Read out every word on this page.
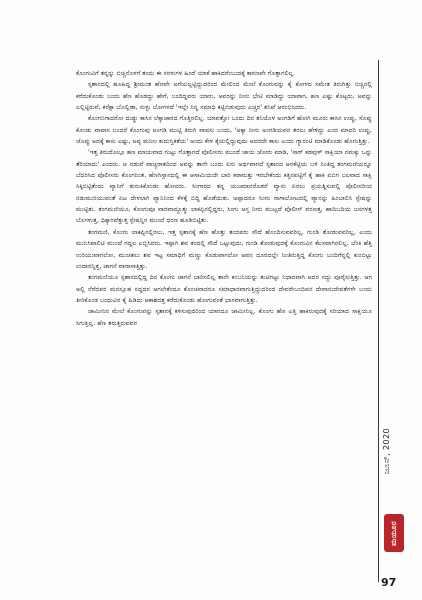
ಕೊಂಗುವಿಗೆ ತನ್ನನ್ನು ಬಿಚ್ಚನೊಳಗೆ ತಂದು ಈ ಸರಳುಗಳ ಹಿಂದೆ ಯಾಕೆ ಹಾಕಿದರೆಂಬುದಕ್ಕೆ ಕಾರಣವೇ ಗೊತ್ತಾಗಲಿಲ್ಲ.

ಸ್ಪಶಾನದಲ್ಲಿ ಹೂಹಿದ್ದ ಶ್ರೀಮಂತ ಹೆಣವೇ ಅಗೆಯಲ್ಪಟ್ಟಿದ್ದುದರಿಂದ ಮೇಲಿಂದ ಮೇಲೆ ಕೊಂಗುವನ್ನು ಕೈ ಕೋಳದ ಸಮೇತ ತಿರುಗಿತ್ತು ಬಿಚ್ಚಿನಲ್ಲಿ ಕರೆದುಕೊಂಡು ಬಂದು ಹೆಣ ಹೊಡದ್ದು ಹೇಗೆ, ಬಂದಿದ್ದವರು ಯಾರು, ಅವರನ್ನು ನೀನು ಭೇಟಿ ಮಾಡಿದ್ದು ಯಾವಾಗ, ಹಣ ಎಷ್ಟು ಕೊಟ್ಟರು, ಅವನ್ನು ಎಲ್ಲಿಟ್ಟಿರುವೆ, ಕರೆಕ್ಟಾ ಬೊಲ್ಲಿಡಾ, ಸುಳ್ಳು ಬೋಗಳದೆ 'ಇಲ್ಲೇ ನಿನ್ನ ಸಮಾಧಿ ಕಟ್ಟಿಬಿಡುವುದು ಎಚ್ಚರ' ತನಿಖೆ ಆರಂಭಿಸಿದರು.

ಕೊಂಗನಿಗಾದರೋ ದುಡ್ಡು ಕಾಸಿನ ಲೆಕ್ಕಾಚಾರದ ಗೊತ್ತಿರಲಿಲ್ಲ. ಯಾವತ್ತೋ ಒಂದು ದಿನ ತನಿಯೊಳ ಅಂಗಡಿಗೆ ಹೋಗಿ ಮೂರು ಕಾಸಿನ ಉಪ್ಪು, ಸೊಪ್ಪು ಕೊಂಡು ವಾಪಾಸ ಬಂದರೆ ಕೊಂಗುವು ಅಂಗಡಿ ಮುಟ್ಟಿ ತಿರುಗಿ ವಾಪಸು ಬಂದು, 'ಅಕ್ಕಾ ನೀನು ಅಂಗಡಿಯವನ ತರಲು ಹೇಳಿದ್ದು ಎಂದ ಮಾದರಿ ಉಪ್ಪು, ಚೊಪ್ಪು ಅದಕ್ಕೆ ಕಾಸು ಎಷ್ಟು, ಅಪ್ಪ ಮನೀಂ ಕುದುಸ್ತಿಕತೆಯ' ಅಂದು ಕೇಳ ಕೈಯಲ್ಲಿದ್ದುವುದು ಅದರದೇ ಕಾಸು ಎಂದು ಗ್ಯಾರಂಟಿ ಮಾಡಿಕೊಂಡು ಹೊಗುತ್ತಿತ್ತು.

'ಇತ್ತ ತಿರುದೊಲ್ಗೂ ಹಣ ಮಾಯವಾದ ಗುಟ್ಟು ಗೊತ್ತಾಗದೆ ಪೊಲೀಸರು ಮುಂದೆ ಜಾಯ ಜೋರು ಮಾಡಿ, 'ಸಾರ್ ಕಡವುಳ್ ಸಾಕ್ಷಿಯಾ ನಮಕ್ಕು ಒನ್ನು ತೆರಿಯಾದು' ಎಂದರು. ಆ ನಡುವೆ ವಾಚ್ಚರಾತದಿಂದ ಅವನ್ನು ತಾನೇ ಬಂದು ಏನು ಅರ್ಥವಾಗದೆ ಸ್ಪಶಾನದ ಆರಕೆಟ್ಟಿಯ ಬಳಿ ನಿಂತಿದ್ದ ತಂಗಮಣಿಯನ್ನೂ ಬೆದರಿಸಿದ ಪೊಲೀಸರು ಕೊಂಗನಿಂತ, ಹೆಣಗಿಸ್ತಾನದಲ್ಲಿ ಈ ಆಸಾಮಿಯದೇ ಬಾರಿ ಕರಾಮತ್ತು ಇರಬೇಕೆಂದು ಕತ್ತಿನಪಟ್ಟಿಗೆ ಕೈ ಹಾಕಿ ಏಬಿಗ ಬಲವಾದ ಸಾಕ್ಷಿ ಸಿಕ್ಕಿಬಿಟ್ಟಿತೆಂದು ವ್ಯಾನಿಗೆ ತುರುಕಿಕೊಂಡು ಹೋದರು. ಸಿಂಗಾರದ ತನ್ನ ಯಜಮಾನರೊಡನೆ ವ್ಯಾನು ಏರಲು ಪ್ರಯತ್ನಿಸುವಲ್ಲಿ ಪೊಲೀಸರಿಂದ ನಡುಮುರಿಯುವಂತೆ ಏಟ ದೇಳಲಾಗಿ ವ್ಯಾನಿನಿಂದ ಕೆಳಕ್ಕೆ ಬಿದ್ದಿ ಹೊಡೆಯಿತು. ಅಪ್ಪಾದರೂ ಸಿಂಗು ನಾಗಾಲೋಟದಲ್ಲಿ ವ್ಯಾನನ್ನು ಹಿಂಬಾಲಿಸಿ ಸ್ಪೇಷನ್ನು ಮುಟ್ಟಿತು. ತಂಗಮಣಿಯೂ, ಕೊಂಗುವೂ ವಾರವಾದ್ದೂತ್ಮು ಲಾಕಪ್ಪಿನಲ್ಲಿದ್ದರು, ಸಿಂಗು ಅಸ್ತ ನೀರು ಮುಟ್ಟದೆ ಪೊಲೀಸ್ ವರಣತ್ತ, ಹಾದಿಬದಿಯ ಜನಗಳತ್ತ ಬೊಗಳುತ್ತ, ಧಿಕ್ಕಾರವೆತ್ತುತ್ತ ಸ್ಪೇಷನ್ನಿನ ಮುಂದೆ ಧರಣ ಹೂಡಿಬಿಟ್ಟಿತು.

ತಂಗಮಣಿ, ಕೊಂಗು ಲಾಕಪ್ಪಿನಲ್ಲಿರಲು, ಇತ್ತ ಸ್ಪಶಾನಕ್ಕೆ ಹೆಣ ಹೊತ್ತು ತಂದವರು ಸೌದೆ ಹೊಂದಿಸುವವರಿಲ್ಲ, ಗುಂಡಿ ತೋಡುವವರಿಲ್ಲ, ಎಂದು ಮುನಿಸಿಪಾಲಿಟಿ ಮುಂದೆ ಗದ್ದಲ ಎಬ್ಬಿಸಿದರು. ಇಪ್ಪಾಗಿ ಶವ ತಂದಲ್ಲಿ ಸೌದೆ ಒಟ್ಟುವುದು, ಗುಂಡಿ ತೋಡುವುದಕ್ಕೆ ಕೊಂಗುವಿನ ಕೆಲಸವಾಗಿರಲಿಲ್ಲ. ಬೆಂಕಿ ಹೆತ್ತಿ ಉರಿಯುವಾಗಲೋ, ಮುಚಿತಲು ಶವ ಇಟ್ಟ ಸಮಾಧಿಗೆ ಮಣ್ಣು ಕೊಡುವಾಗಲೋ ಅವನ ದೂರದಲ್ಲೇ ನಿಂತಿರುತ್ತಿದ್ದ ಕೊಂಗು ಬಂದಿಗೆನ್ನಲ್ಲಿ ಕುಂಬಿಟ್ಟು ಉದಾರನ್ನಿತ್ತ, ಜಾಗನೆ ವಾರಾಸಾತ್ತಿತ್ತು.

ತಂಗಮಣಿಯೂ ಸ್ಪಶಾನದಲ್ಲಿದ್ದ ದಿನ ಕೊಂಗು ಜಾಗನೆ ಬಾರಿಸಲಿಲ್ಲ ತಾನೇ ಕಂಬನಿಯನ್ನು ತುಟಿಗಟ್ಟು ನಿಧಾನವಾಗಿ ಅದರ ಸದ್ದು ಪೂರೈಸುತ್ತಿತ್ತು. ಆಗ ಅಲ್ಲಿ ನೆರೆದವರ ಮನಸ್ಸೂಹ ಸದ್ದದನ ಆಗಲೇಕೆಂದೂ ಕೊಂಚವಾದರೂ ಸಮಾಧಾನವಾಗುತ್ತಿದ್ದುದರಿಂದ ದೇವರೇಬಂದಿವನ ದೇವಾನುದೇವತೆಗಳೇ ಬಂದು ತೀರಿಕೊಂಡ ಬಂಧುವಿನ ಕೈ ಹಿಡಿದು ಆಕಾಶದತ್ತ ಕರೆದುಕೊಂಡು ಹೋಗುವಂತೆ ಭಾಸವಾಗುತ್ತಿತ್ತು.

ಜಾಮೀನಿನ ಮೇಲೆ ಕೊಂಗುವನ್ನು ಸ್ಪಶಾನಕ್ಕೆ ಕಳಿಸುವುದರಿಂದ ಯಾರದೂ ಜಾಮೀನಿಲ್ಲ. ಕೊಂಗು ಹೆಣ ಎತ್ತಿ ಹಾಕಿರುವುದಕ್ಕೆ ಸರಿಯಾದ ಸಾಕ್ಷಿಯೂ ಸಿಗುತ್ತಿಲ್ಲ. ಹೆಣ ತರುತ್ತಿರುವವರ

ಜೂನ್, 2020
ಮಯೂರ
97
